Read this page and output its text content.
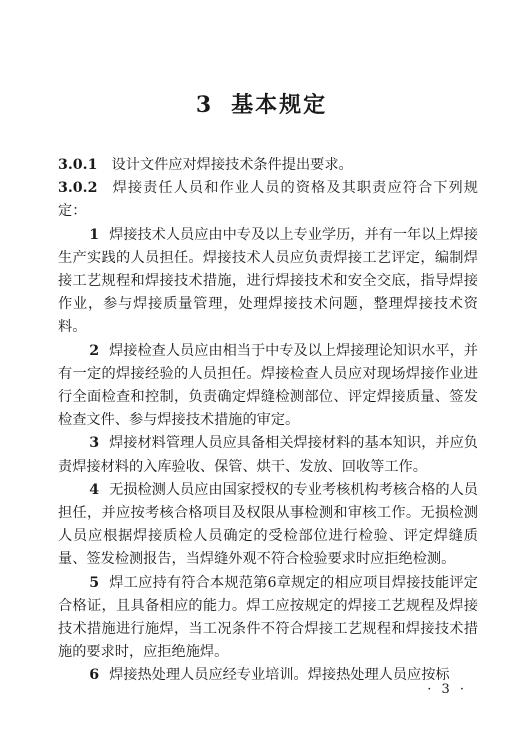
3 基本规定

3.0.1 设计文件应对焊接技术条件提出要求。

3.0.2 焊接责任人员和作业人员的资格及其职责应符合下列规定：

1 焊接技术人员应由中专及以上专业学历，并有一年以上焊接生产实践的人员担任。焊接技术人员应负责焊接工艺评定，编制焊接工艺规程和焊接技术措施，进行焊接技术和安全交底，指导焊接作业，参与焊接质量管理，处理焊接技术问题，整理焊接技术资料。

2 焊接检查人员应由相当于中专及以上焊接理论知识水平，并有一定的焊接经验的人员担任。焊接检查人员应对现场焊接作业进行全面检查和控制，负责确定焊缝检测部位、评定焊接质量、签发检查文件、参与焊接技术措施的审定。

3 焊接材料管理人员应具备相关焊接材料的基本知识，并应负责焊接材料的入库验收、保管、烘干、发放、回收等工作。

4 无损检测人员应由国家授权的专业考核机构考核合格的人员担任，并应按考核合格项目及权限从事检测和审核工作。无损检测人员应根据焊接质检人员确定的受检部位进行检验、评定焊缝质量、签发检测报告，当焊缝外观不符合检验要求时应拒绝检测。

5 焊工应持有符合本规范第6章规定的相应项目焊接技能评定合格证，且具备相应的能力。焊工应按规定的焊接工艺规程及焊接技术措施进行施焊，当工况条件不符合焊接工艺规程和焊接技术措施的要求时，应拒绝施焊。

6 焊接热处理人员应经专业培训。焊接热处理人员应按标

· 3 ·
